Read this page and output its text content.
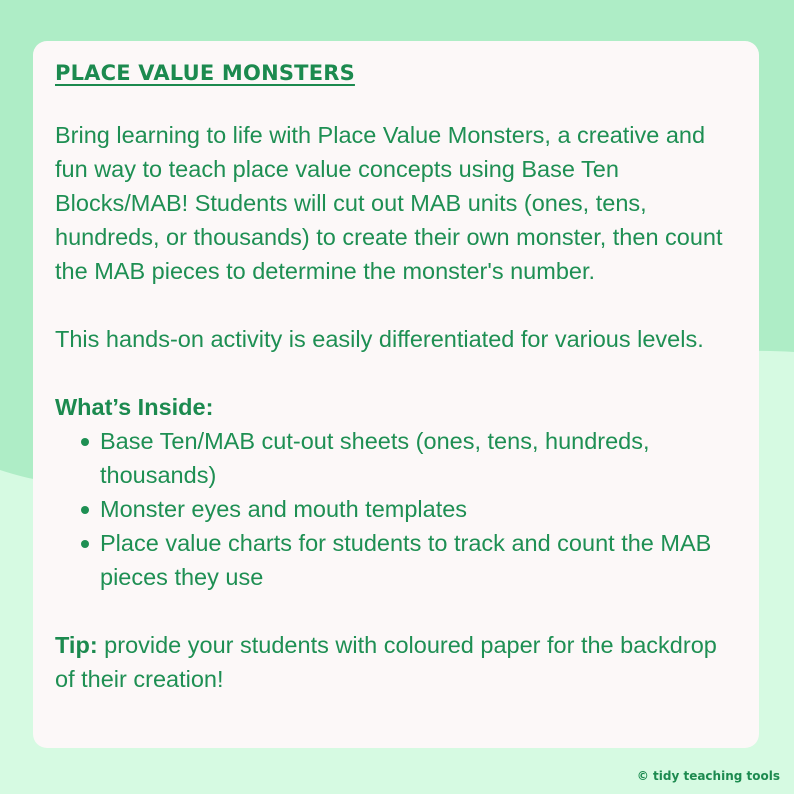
PLACE VALUE MONSTERS

Bring learning to life with Place Value Monsters, a creative and fun way to teach place value concepts using Base Ten Blocks/MAB! Students will cut out MAB units (ones, tens, hundreds, or thousands) to create their own monster, then count the MAB pieces to determine the monster's number.

This hands-on activity is easily differentiated for various levels.

What’s Inside:
Base Ten/MAB cut-out sheets (ones, tens, hundreds, thousands)
Monster eyes and mouth templates
Place value charts for students to track and count the MAB pieces they use

Tip: provide your students with coloured paper for the backdrop of their creation!

© tidy teaching tools
